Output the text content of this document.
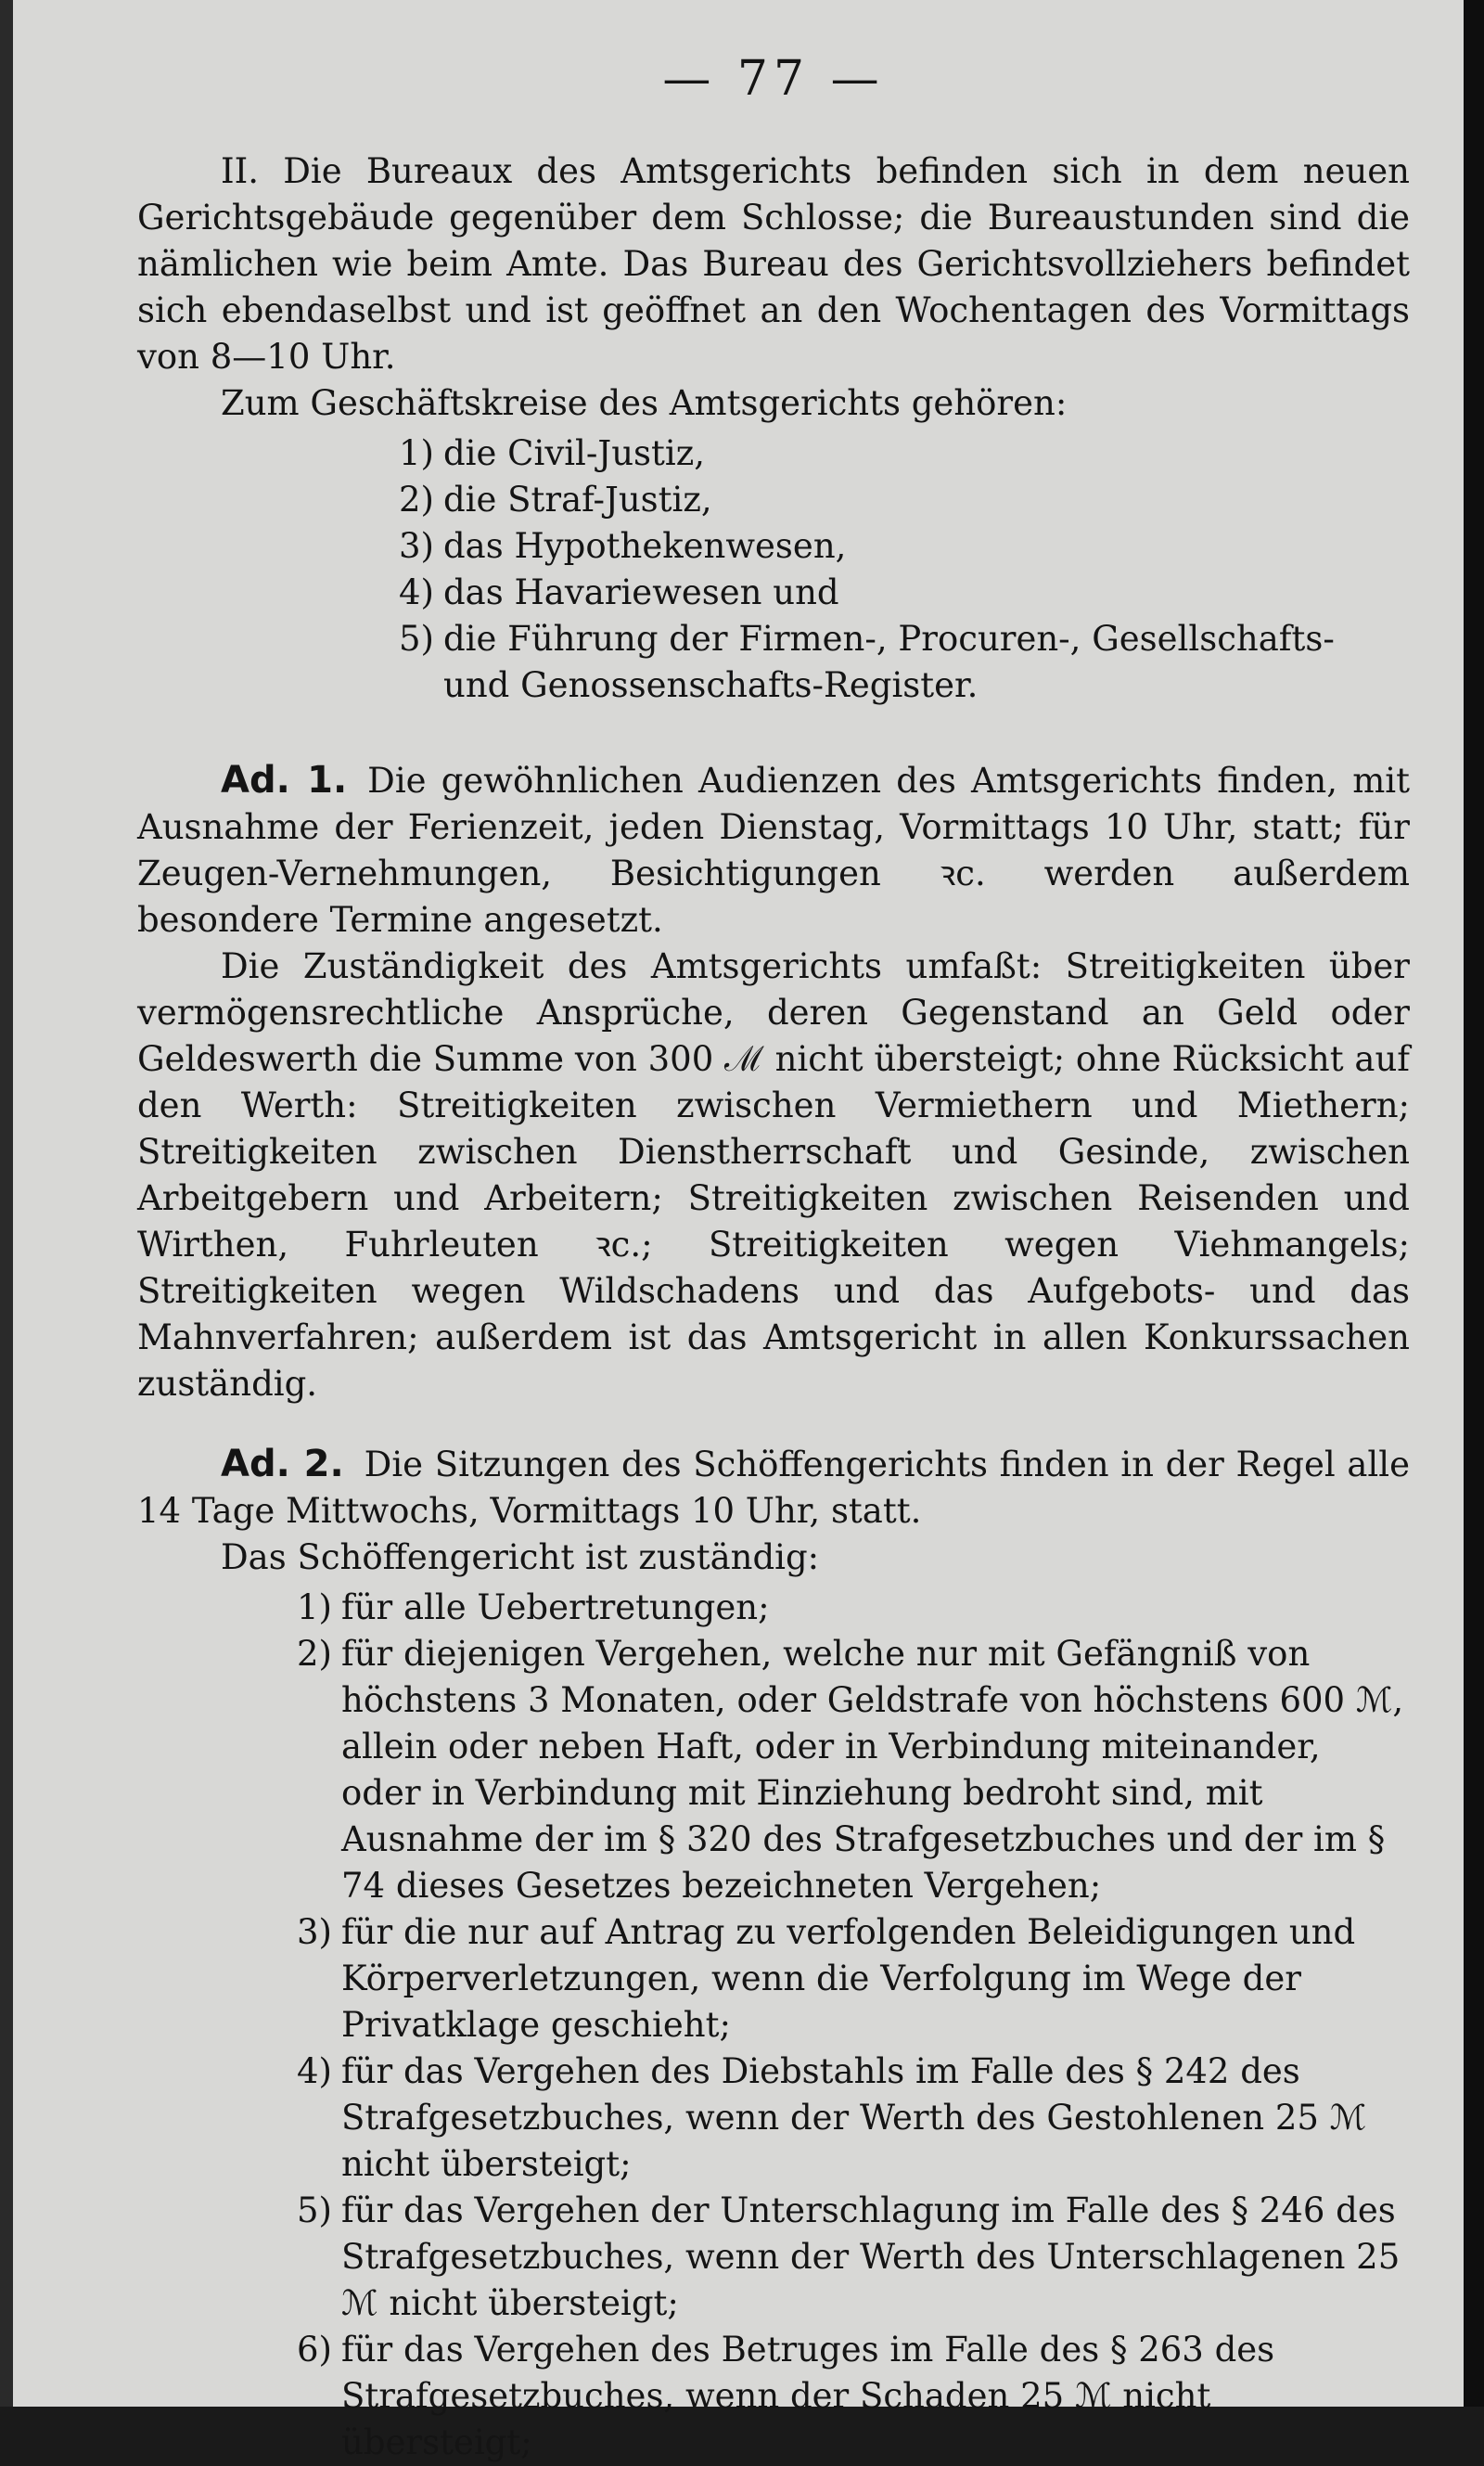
— 77 —

II. Die Bureaux des Amtsgerichts befinden sich in dem neuen Gerichtsgebäude gegenüber dem Schlosse; die Bureaustunden sind die nämlichen wie beim Amte. Das Bureau des Gerichtsvollziehers befindet sich ebendaselbst und ist geöffnet an den Wochentagen des Vormittags von 8—10 Uhr.

Zum Geschäftskreise des Amtsgerichts gehören:

1) die Civil-Justiz,
2) die Straf-Justiz,
3) das Hypothekenwesen,
4) das Havariewesen und
5) die Führung der Firmen-, Procuren-, Gesellschafts- und Genossenschafts-Register.

Ad. 1. Die gewöhnlichen Audienzen des Amtsgerichts finden, mit Ausnahme der Ferienzeit, jeden Dienstag, Vormittags 10 Uhr, statt; für Zeugen-Vernehmungen, Besichtigungen ꝛc. werden außerdem besondere Termine angesetzt.

Die Zuständigkeit des Amtsgerichts umfaßt: Streitigkeiten über vermögensrechtliche Ansprüche, deren Gegenstand an Geld oder Geldeswerth die Summe von 300 ℳ nicht übersteigt; ohne Rücksicht auf den Werth: Streitigkeiten zwischen Vermiethern und Miethern; Streitigkeiten zwischen Dienstherrschaft und Gesinde, zwischen Arbeitgebern und Arbeitern; Streitigkeiten zwischen Reisenden und Wirthen, Fuhrleuten ꝛc.; Streitigkeiten wegen Viehmangels; Streitigkeiten wegen Wildschadens und das Aufgebots- und das Mahnverfahren; außerdem ist das Amtsgericht in allen Konkurssachen zuständig.

Ad. 2. Die Sitzungen des Schöffengerichts finden in der Regel alle 14 Tage Mittwochs, Vormittags 10 Uhr, statt.

Das Schöffengericht ist zuständig:

1) für alle Uebertretungen;
2) für diejenigen Vergehen, welche nur mit Gefängniß von höchstens 3 Monaten, oder Geldstrafe von höchstens 600 ℳ, allein oder neben Haft, oder in Verbindung miteinander, oder in Verbindung mit Einziehung bedroht sind, mit Ausnahme der im § 320 des Strafgesetzbuches und der im § 74 dieses Gesetzes bezeichneten Vergehen;
3) für die nur auf Antrag zu verfolgenden Beleidigungen und Körperverletzungen, wenn die Verfolgung im Wege der Privatklage geschieht;
4) für das Vergehen des Diebstahls im Falle des § 242 des Strafgesetzbuches, wenn der Werth des Gestohlenen 25 ℳ nicht übersteigt;
5) für das Vergehen der Unterschlagung im Falle des § 246 des Strafgesetzbuches, wenn der Werth des Unterschlagenen 25 ℳ nicht übersteigt;
6) für das Vergehen des Betruges im Falle des § 263 des Strafgesetzbuches, wenn der Schaden 25 ℳ nicht übersteigt;
